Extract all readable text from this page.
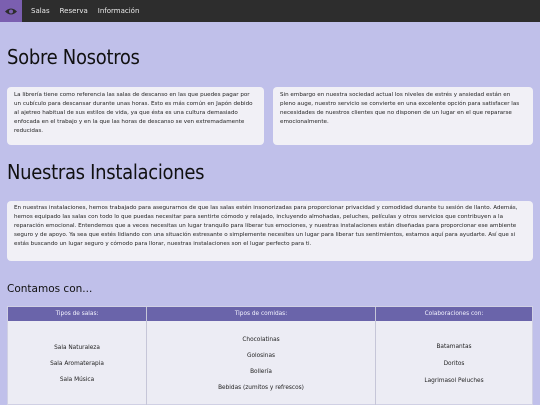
Salas Reserva Información
Sobre Nosotros

La librería tiene como referencia las salas de descanso en las que puedes pagar por un cubículo para descansar durante unas horas. Esto es más común en Japón debido al ajetreo habitual de sus estilos de vida, ya que ésta es una cultura demasiado enfocada en el trabajo y en la que las horas de descanso se ven extremadamente reducidas.

Sin embargo en nuestra sociedad actual los niveles de estrés y ansiedad están en pleno auge, nuestro servicio se convierte en una excelente opción para satisfacer las necesidades de nuestros clientes que no disponen de un lugar en el que repararse emocionalmente.

Nuestras Instalaciones

En nuestras instalaciones, hemos trabajado para asegurarnos de que las salas estén insonorizadas para proporcionar privacidad y comodidad durante tu sesión de llanto. Además, hemos equipado las salas con todo lo que puedas necesitar para sentirte cómodo y relajado, incluyendo almohadas, peluches, películas y otros servicios que contribuyen a la reparación emocional. Entendemos que a veces necesitas un lugar tranquilo para liberar tus emociones, y nuestras instalaciones están diseñadas para proporcionar ese ambiente seguro y de apoyo. Ya sea que estés lidiando con una situación estresante o simplemente necesites un lugar para liberar tus sentimientos, estamos aquí para ayudarte. Así que si estás buscando un lugar seguro y cómodo para llorar, nuestras instalaciones son el lugar perfecto para ti.

Contamos con...
Tipos de salas:
Sala Naturaleza
Sala Aromaterapia
Sala Música
Tipos de comidas:
Chocolatinas
Golosinas
Bollería
Bebidas (zumitos y refrescos)
Colaboraciones con:
Batamantas
Doritos
Lagrimasol Peluches
